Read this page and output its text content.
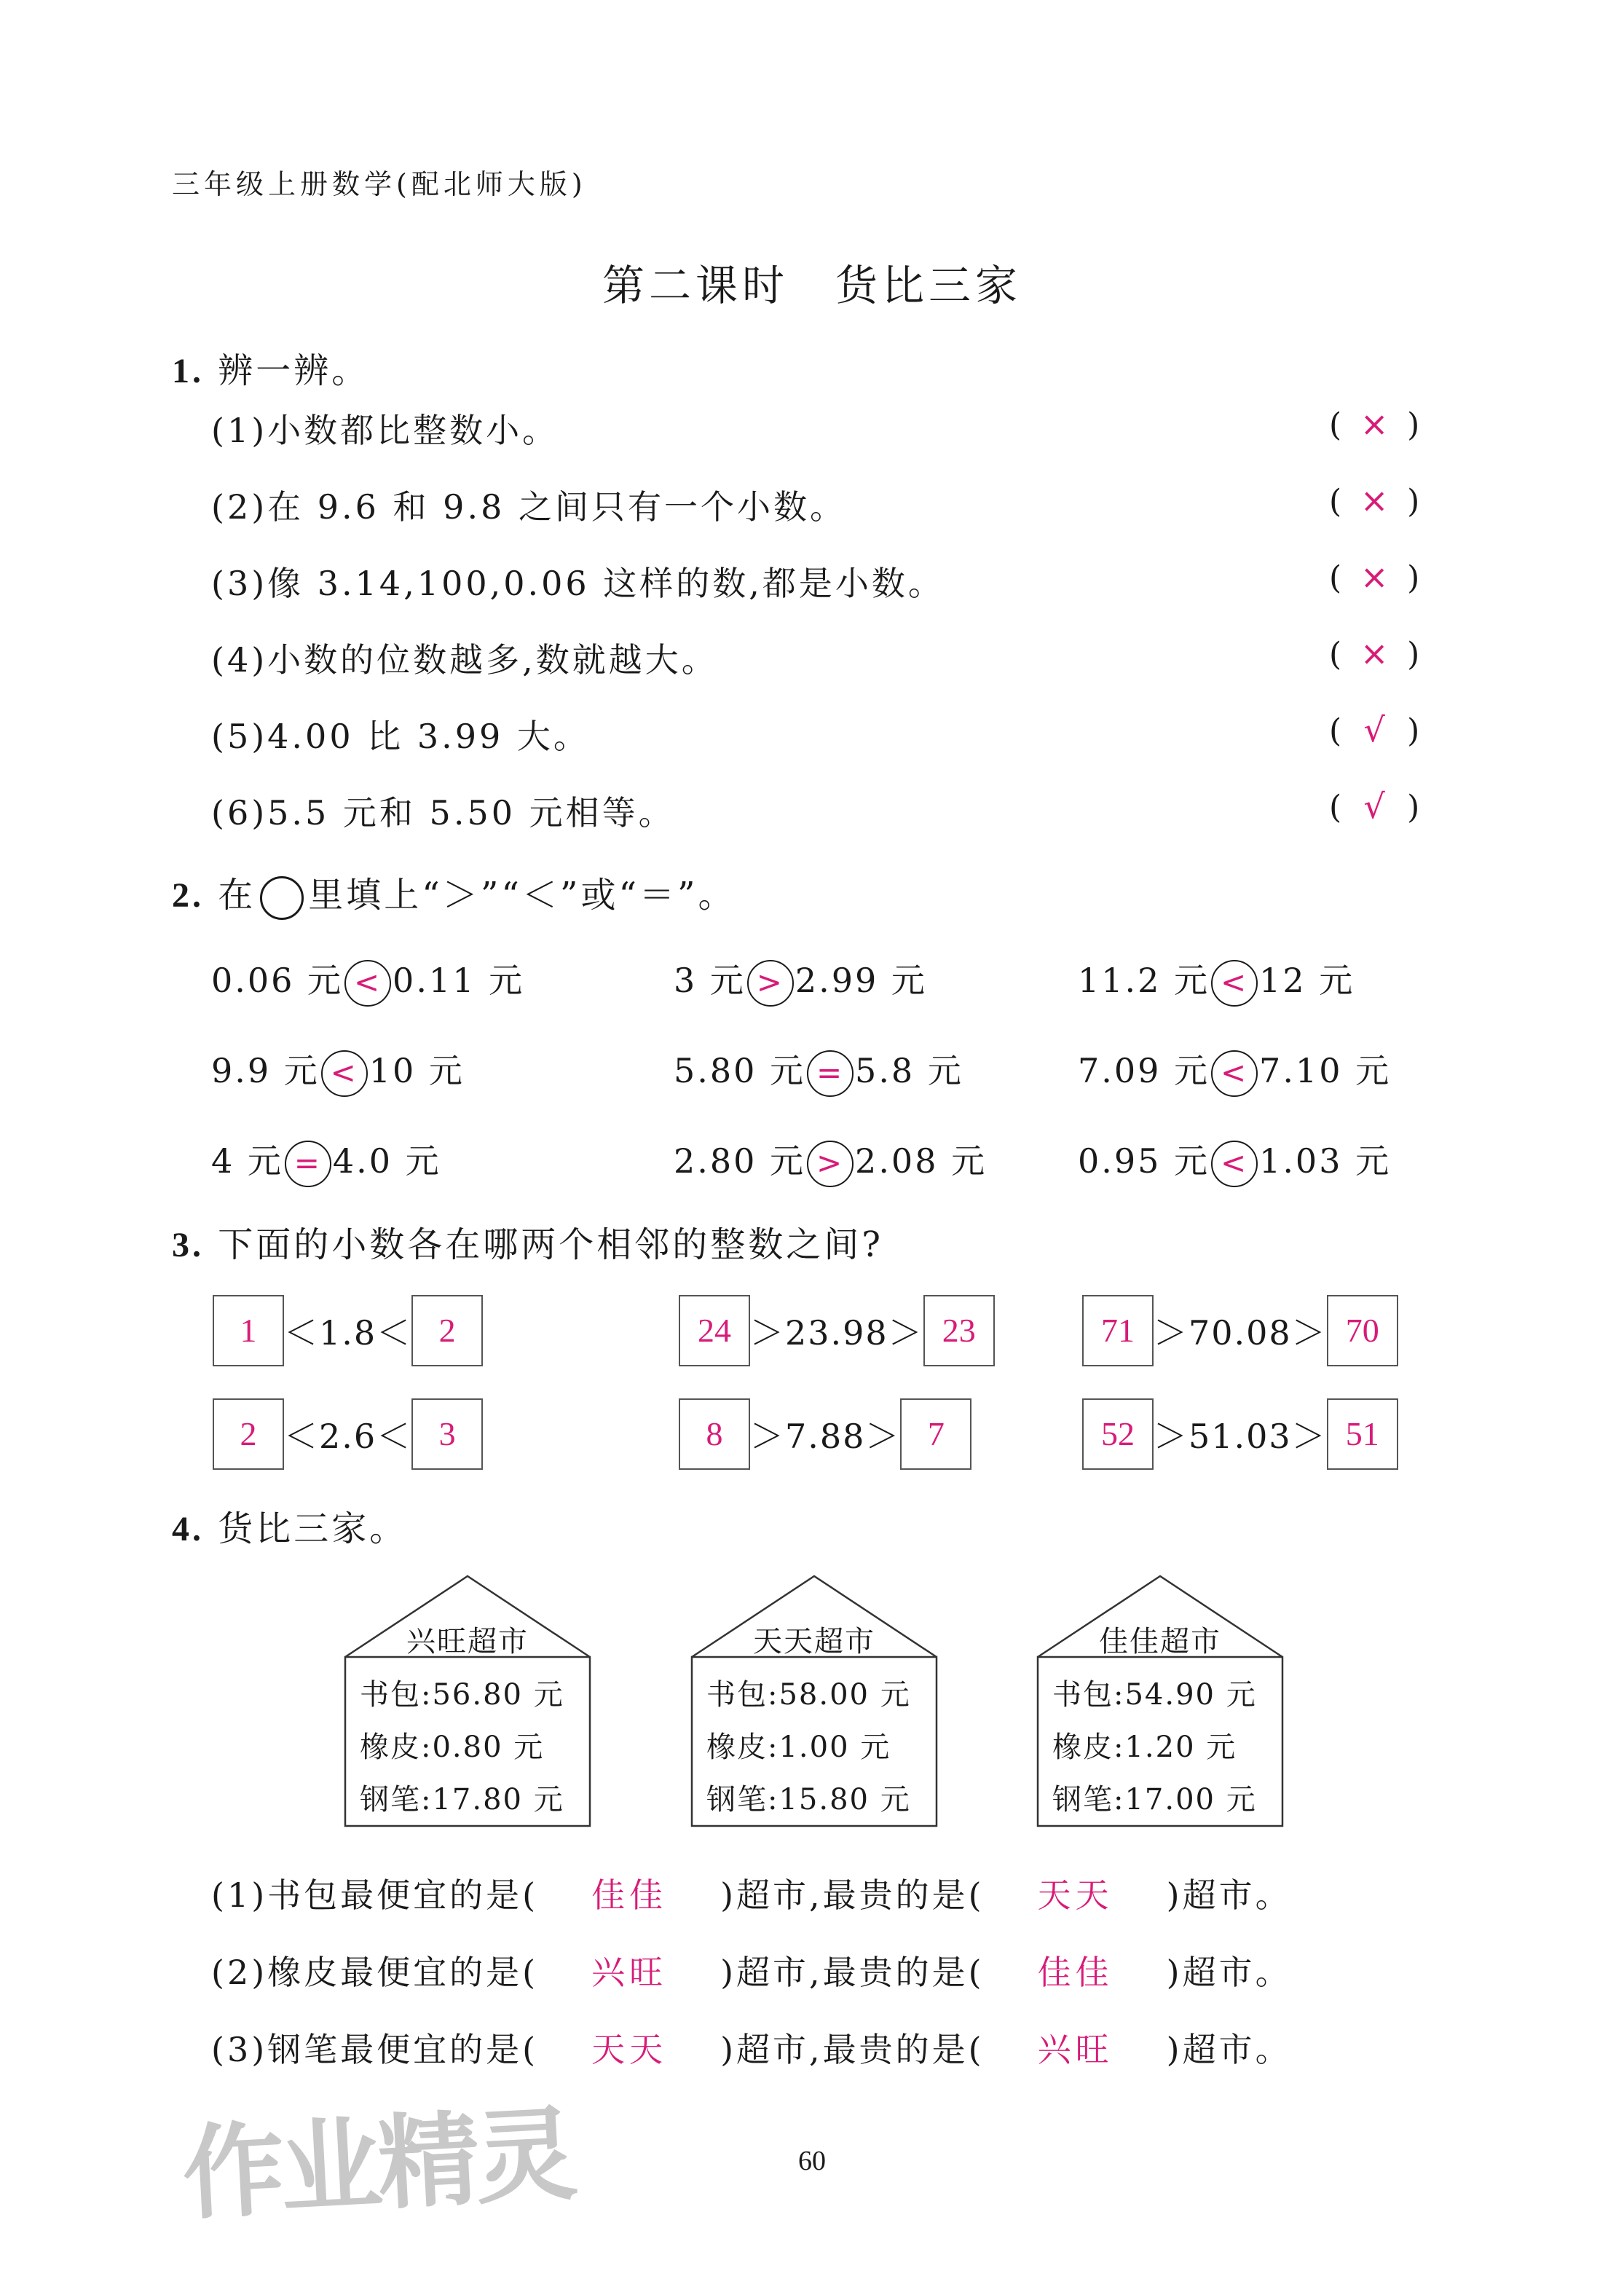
三年级上册数学(配北师大版)
第二课时　货比三家
1. 辨一辨。
(1)小数都比整数小。	( × )
(2)在 9.6 和 9.8 之间只有一个小数。	( × )
(3)像 3.14,100,0.06 这样的数,都是小数。	( × )
(4)小数的位数越多,数就越大。	( × )
(5)4.00 比 3.99 大。	( √ )
(6)5.5 元和 5.50 元相等。	( √ )
2. 在 里填上“＞”“＜”或“＝”。
0.06 元 < 0.11 元	3 元 > 2.99 元	11.2 元 < 12 元
9.9 元 < 10 元	5.80 元 = 5.8 元	7.09 元 < 7.10 元
4 元 = 4.0 元	2.80 元 > 2.08 元	0.95 元 < 1.03 元
3. 下面的小数各在哪两个相邻的整数之间?
1 ＜1.8＜ 2	24 ＞23.98＞ 23	71 ＞70.08＞ 70
2 ＜2.6＜ 3	8 ＞7.88＞ 7	52 ＞51.03＞ 51
4. 货比三家。
兴旺超市
书包:56.80 元
橡皮:0.80 元
钢笔:17.80 元
天天超市
书包:58.00 元
橡皮:1.00 元
钢笔:15.80 元
佳佳超市
书包:54.90 元
橡皮:1.20 元
钢笔:17.00 元
(1)书包最便宜的是( 佳佳 )超市,最贵的是( 天天 )超市。
(2)橡皮最便宜的是( 兴旺 )超市,最贵的是( 佳佳 )超市。
(3)钢笔最便宜的是( 天天 )超市,最贵的是( 兴旺 )超市。
作业精灵	60
